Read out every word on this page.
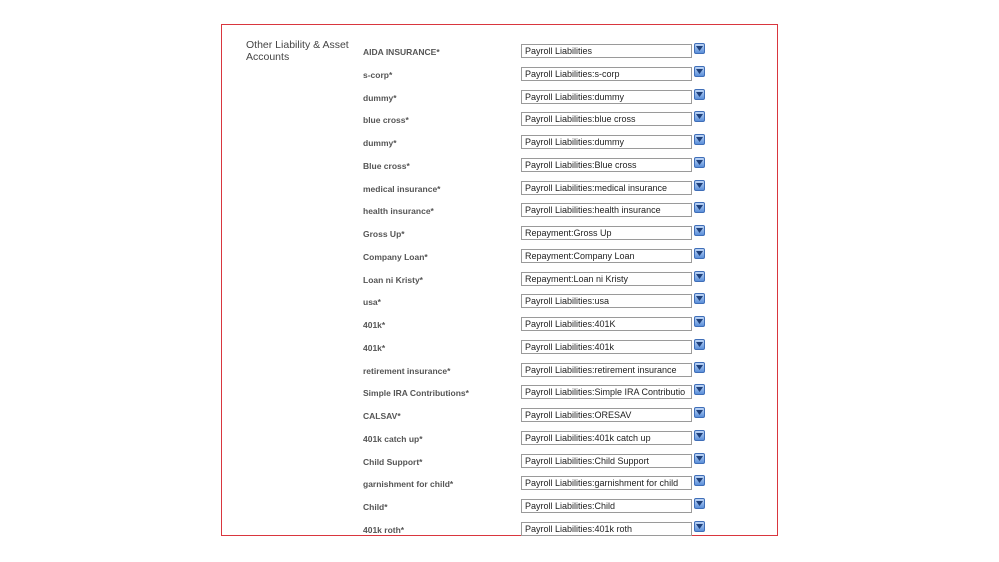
Other Liability & Asset Accounts	AIDA INSURANCE*	Payroll Liabilities
s-corp*	Payroll Liabilities:s-corp
dummy*	Payroll Liabilities:dummy
blue cross*	Payroll Liabilities:blue cross
dummy*	Payroll Liabilities:dummy
Blue cross*	Payroll Liabilities:Blue cross
medical insurance*	Payroll Liabilities:medical insurance
health insurance*	Payroll Liabilities:health insurance
Gross Up*	Repayment:Gross Up
Company Loan*	Repayment:Company Loan
Loan ni Kristy*	Repayment:Loan ni Kristy
usa*	Payroll Liabilities:usa
401k*	Payroll Liabilities:401K
401k*	Payroll Liabilities:401k
retirement insurance*	Payroll Liabilities:retirement insurance
Simple IRA Contributions*	Payroll Liabilities:Simple IRA Contributio
CALSAV*	Payroll Liabilities:ORESAV
401k catch up*	Payroll Liabilities:401k catch up
Child Support*	Payroll Liabilities:Child Support
garnishment for child*	Payroll Liabilities:garnishment for child
Child*	Payroll Liabilities:Child
401k roth*	Payroll Liabilities:401k roth
